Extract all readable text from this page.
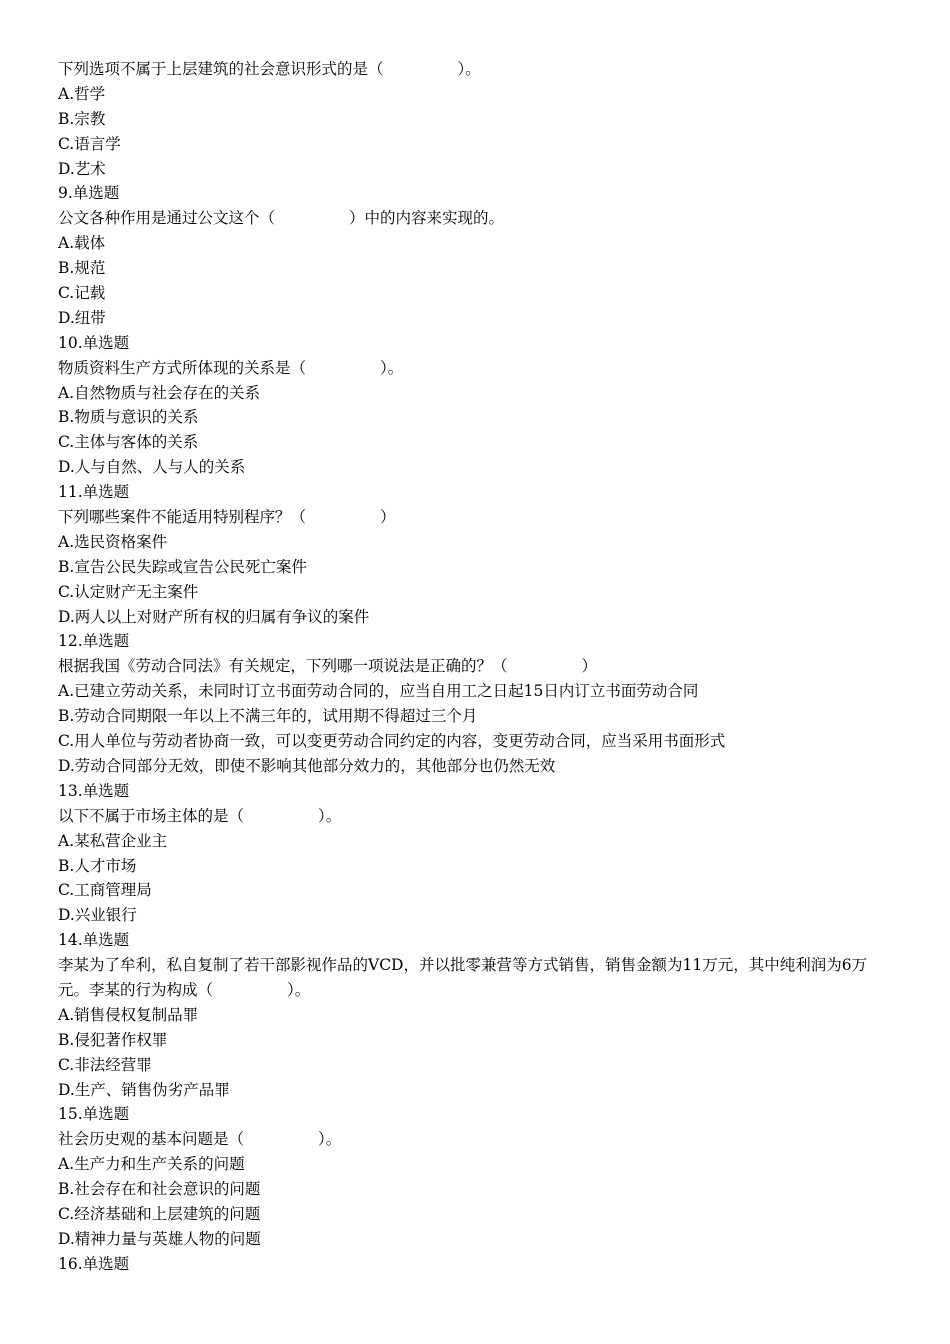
下列选项不属于上层建筑的社会意识形式的是（	）。
A.哲学
B.宗教
C.语言学
D.艺术
9.单选题
公文各种作用是通过公文这个（	）中的内容来实现的。
A.载体
B.规范
C.记载
D.纽带
10.单选题
物质资料生产方式所体现的关系是（	）。
A.自然物质与社会存在的关系
B.物质与意识的关系
C.主体与客体的关系
D.人与自然、人与人的关系
11.单选题
下列哪些案件不能适用特别程序？（	）
A.选民资格案件
B.宣告公民失踪或宣告公民死亡案件
C.认定财产无主案件
D.两人以上对财产所有权的归属有争议的案件
12.单选题
根据我国《劳动合同法》有关规定，下列哪一项说法是正确的？（	）
A.已建立劳动关系，未同时订立书面劳动合同的，应当自用工之日起15日内订立书面劳动合同
B.劳动合同期限一年以上不满三年的，试用期不得超过三个月
C.用人单位与劳动者协商一致，可以变更劳动合同约定的内容，变更劳动合同，应当采用书面形式
D.劳动合同部分无效，即使不影响其他部分效力的，其他部分也仍然无效
13.单选题
以下不属于市场主体的是（	）。
A.某私营企业主
B.人才市场
C.工商管理局
D.兴业银行
14.单选题
李某为了牟利，私自复制了若干部影视作品的VCD，并以批零兼营等方式销售，销售金额为11万元，其中纯利润为6万元。李某的行为构成（	）。
A.销售侵权复制品罪
B.侵犯著作权罪
C.非法经营罪
D.生产、销售伪劣产品罪
15.单选题
社会历史观的基本问题是（	）。
A.生产力和生产关系的问题
B.社会存在和社会意识的问题
C.经济基础和上层建筑的问题
D.精神力量与英雄人物的问题
16.单选题
